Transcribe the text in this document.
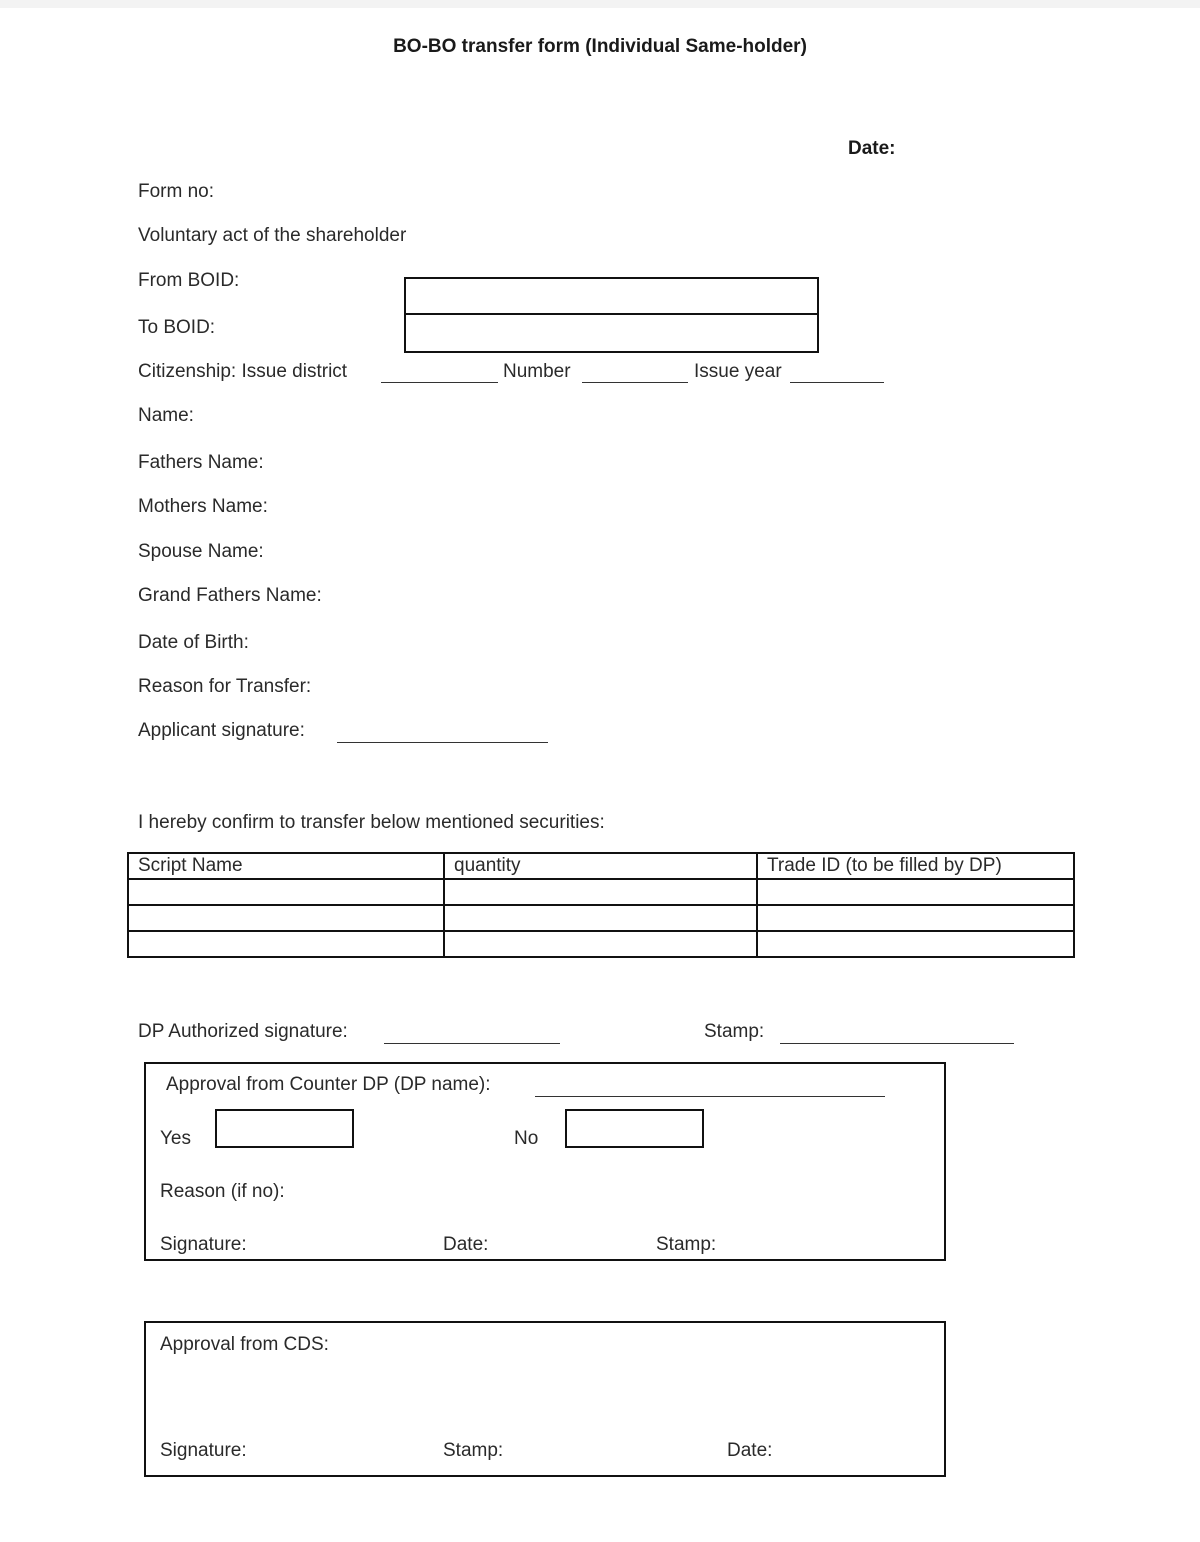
BO-BO transfer form (Individual Same-holder)
Date:
Form no:
Voluntary act of the shareholder
From BOID:
To BOID:
Citizenship: Issue district	Number	Issue year
Name:
Fathers Name:
Mothers Name:
Spouse Name:
Grand Fathers Name:
Date of Birth:
Reason for Transfer:
Applicant signature:
I hereby confirm to transfer below mentioned securities:
Script Name	quantity	Trade ID (to be filled by DP)

DP Authorized signature:	Stamp:
Approval from Counter DP (DP name):
Yes	No
Reason (if no):
Signature:	Date:	Stamp:
Approval from CDS:
Signature:	Stamp:	Date:
